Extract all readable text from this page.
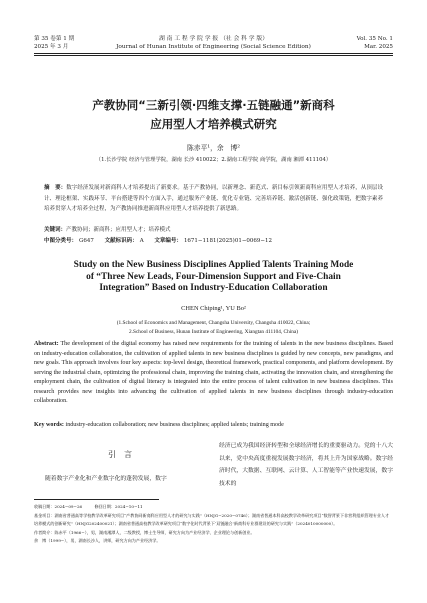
第 35 卷第 1 期
2025 年 3 月
湖 南 工 程 学 院 学 报 （社 会 科 学 版）
Journal of Hunan Institute of Engineering (Social Science Edition)
Vol. 35 No. 1
Mar. 2025
产教协同“三新引领·四维支撑·五链融通”新商科
应用型人才培养模式研究
陈赤平¹，余　博²
（1.长沙学院 经济与管理学院，湖南 长沙 410022；2.湖南工程学院 商学院，湖南 湘潭 411104）
摘　要：数字经济发展对新商科人才培养提出了新要求。基于产教协同，以新理念、新范式、新目标引领新商科应用型人才培养，从顶层设计、理论框架、实践环节、平台搭建等四个方面入手，通过服务产业链、优化专业链、完善培养链、激活创新链、强化政策链，把数字素养培养贯穿人才培养全过程，为产教协同推进新商科应用型人才培养提供了新思路。
关键词：产教协同；新商科；应用型人才；培养模式
中图分类号： G647 文献标识码： A 文章编号： 1671−1181(2025)01−0069−12
Study on the New Business Disciplines Applied Talents Training Mode
of “Three New Leads, Four-Dimension Support and Five-Chain
Integration” Based on Industry-Education Collaboration
CHEN Chiping¹, YU Bo²
(1.School of Economics and Management, Changsha University, Changsha 410022, China;
2.School of Business, Hunan Institute of Engineering, Xiangtan 411104, China)
Abstract: The development of the digital economy has raised new requirements for the training of talents in the new business disciplines. Based on industry-education collaboration, the cultivation of applied talents in new business disciplines is guided by new concepts, new paradigms, and new goals. This approach involves four key aspects: top-level design, theoretical framework, practical components, and platform development. By serving the industrial chain, optimizing the professional chain, improving the training chain, activating the innovation chain, and strengthening the employment chain, the cultivation of digital literacy is integrated into the entire process of talent cultivation in new business disciplines. This research provides new insights into advancing the cultivation of applied talents in new business disciplines through industry-education collaboration.
Key words: industry-education collaboration; new business disciplines; applied talents; training mode
引　言
随着数字产业化和产业数字化的蓬勃发展，数字
经济已成为我国经济转型和全球经济增长的重要驱动力。党的十八大以来，党中央高度重视发展数字经济，将其上升为国家战略。数字经济时代，大数据、互联网、云计算、人工智能等产业快速发展，数字技术的

收稿日期：2024−09−26　　　修回日期：2024−10−11

基金项目：湖南省普通高等学校教学改革研究项目“产教协同新商科应用型人才的研究与实践”（HNJG−2020−0746）；湖南省普通本科高校教学改革研究项目“数智背景下非营利组织管理专业人才培养模式的创新研究”（HNJG202400021）；湖南省普通高校教学改革研究项目“数字化时代背景下‘双链融合’新商科专业群建设的研究与实践”（2024010000000）。

作者简介：陈赤平（1966−），男，湖南湘潭人，二级教授，博士生导师，研究方向为产业经济学、企业理论与创新创业。

余　博（1999−），男，湖南长沙人，讲师，研究方向为产业经济学。
